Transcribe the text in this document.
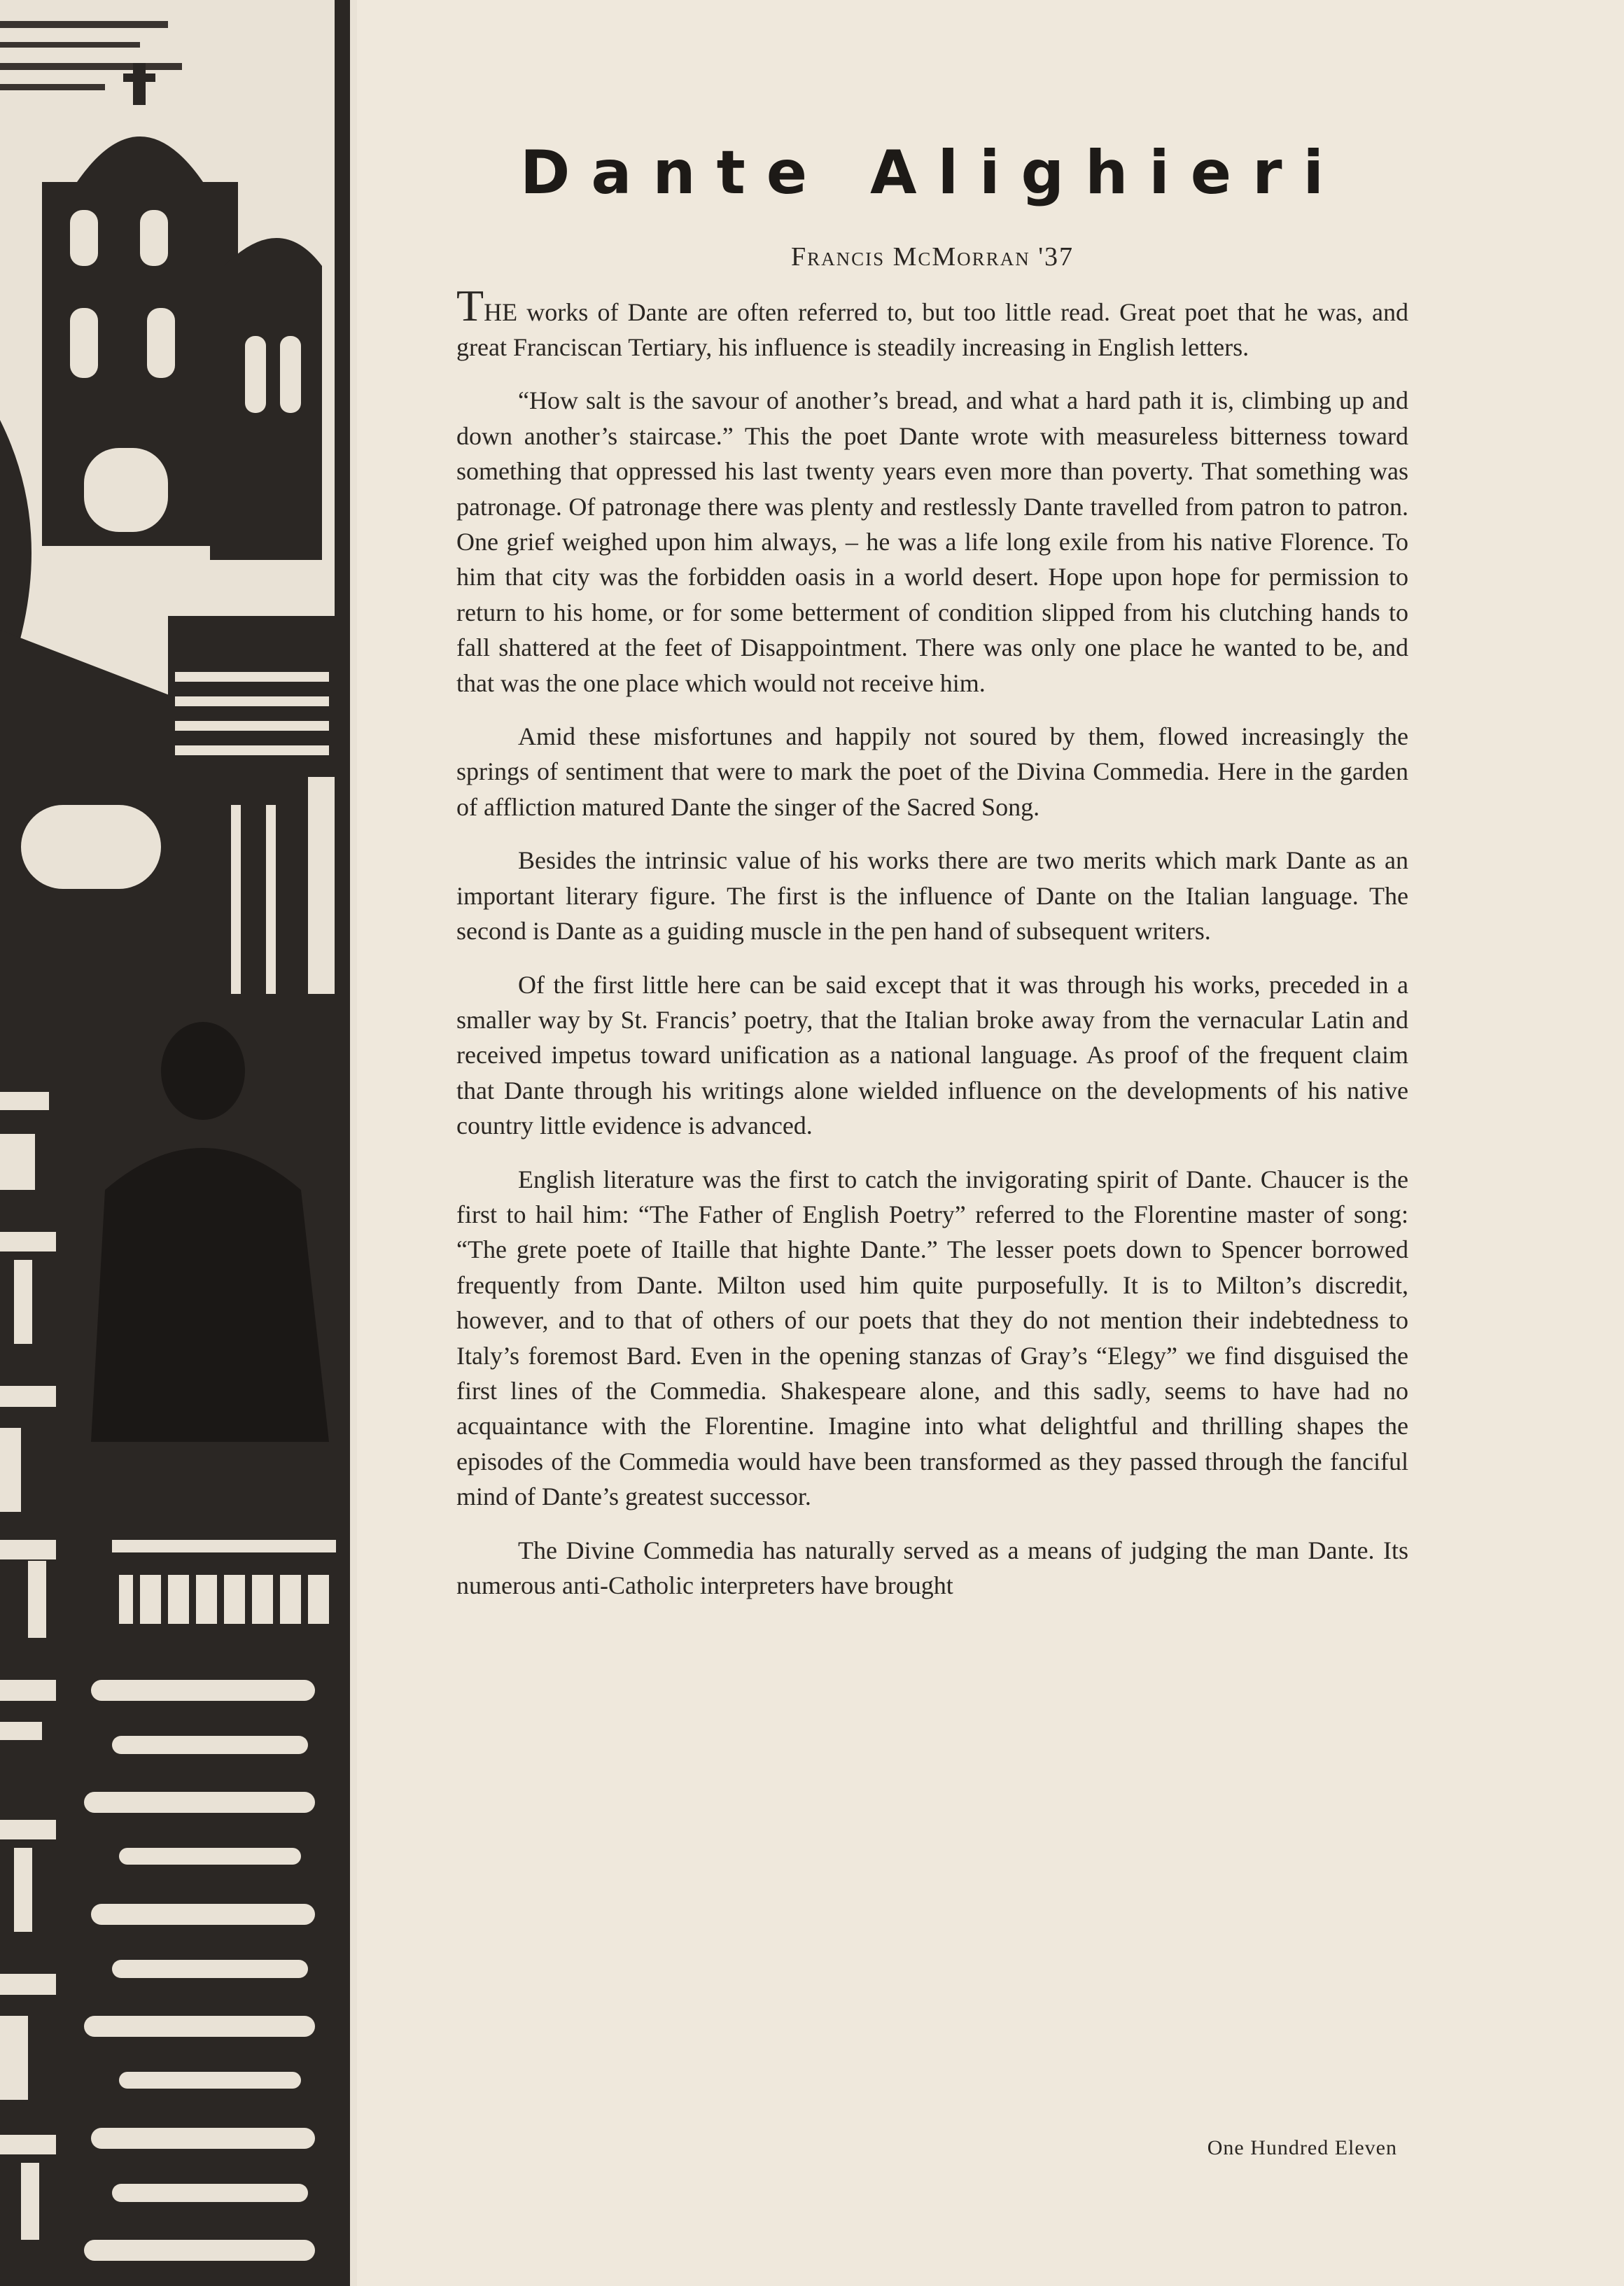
Dante Alighieri
Francis McMorran '37

THE works of Dante are often referred to, but too little read. Great poet that he was, and great Franciscan Tertiary, his influence is steadily increasing in English letters.

“How salt is the savour of another’s bread, and what a hard path it is, climbing up and down another’s staircase.” This the poet Dante wrote with measureless bitterness toward something that oppressed his last twenty years even more than poverty. That something was patronage. Of patronage there was plenty and restlessly Dante travelled from patron to patron. One grief weighed upon him always, – he was a life long exile from his native Florence. To him that city was the forbidden oasis in a world desert. Hope upon hope for permission to return to his home, or for some betterment of condition slipped from his clutching hands to fall shattered at the feet of Disappointment. There was only one place he wanted to be, and that was the one place which would not receive him.

Amid these misfortunes and happily not soured by them, flowed increasingly the springs of sentiment that were to mark the poet of the Divina Commedia. Here in the garden of affliction matured Dante the singer of the Sacred Song.

Besides the intrinsic value of his works there are two merits which mark Dante as an important literary figure. The first is the influence of Dante on the Italian language. The second is Dante as a guiding muscle in the pen hand of subsequent writers.

Of the first little here can be said except that it was through his works, preceded in a smaller way by St. Francis’ poetry, that the Italian broke away from the vernacular Latin and received impetus toward unification as a national language. As proof of the frequent claim that Dante through his writings alone wielded influence on the developments of his native country little evidence is advanced.

English literature was the first to catch the invigorating spirit of Dante. Chaucer is the first to hail him: “The Father of English Poetry” referred to the Florentine master of song: “The grete poete of Itaille that highte Dante.” The lesser poets down to Spencer borrowed frequently from Dante. Milton used him quite purposefully. It is to Milton’s discredit, however, and to that of others of our poets that they do not mention their indebtedness to Italy’s foremost Bard. Even in the opening stanzas of Gray’s “Elegy” we find disguised the first lines of the Commedia. Shakespeare alone, and this sadly, seems to have had no acquaintance with the Florentine. Imagine into what delightful and thrilling shapes the episodes of the Commedia would have been transformed as they passed through the fanciful mind of Dante’s greatest successor.

The Divine Commedia has naturally served as a means of judging the man Dante. Its numerous anti-Catholic interpreters have brought

One Hundred Eleven
